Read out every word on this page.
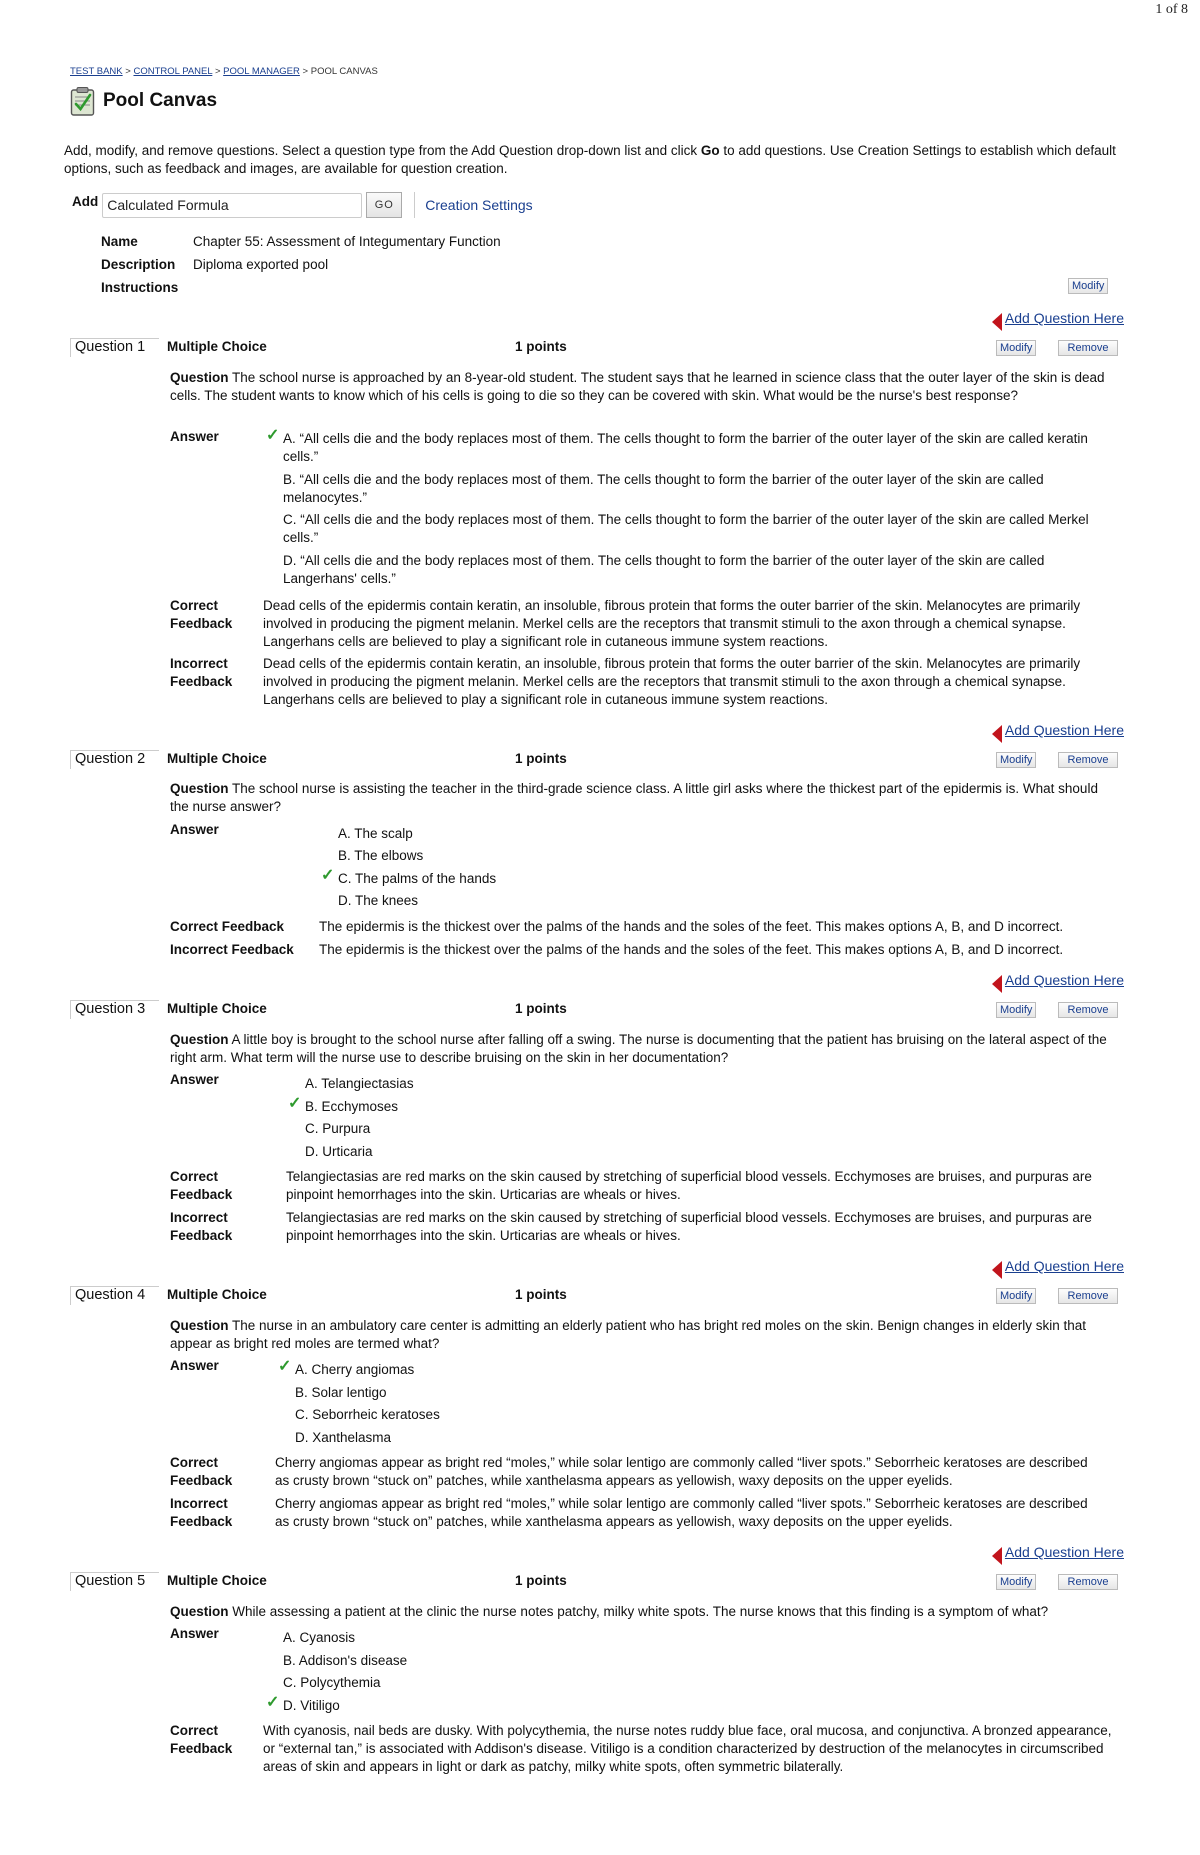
1 of 8
TEST BANK > CONTROL PANEL > POOL MANAGER > POOL CANVAS
Pool Canvas
Add, modify, and remove questions. Select a question type from the Add Question drop-down list and click Go to add questions. Use Creation Settings to establish which default options, such as feedback and images, are available for question creation.
Add Calculated Formula	GO	Creation Settings
Name	Chapter 55: Assessment of Integumentary Function
Description Diploma exported pool
Instructions	Modify
Add Question Here
Add Question Here
Add Question Here
Add Question Here
Add Question Here
Question 1	Multiple Choice	1 points	Modify	Remove
Question The school nurse is approached by an 8-year-old student. The student says that he learned in science class that the outer layer of the skin is dead cells. The student wants to know which of his cells is going to die so they can be covered with skin. What would be the nurse's best response?
Answer	✓ A. “All cells die and the body replaces most of them. The cells thought to form the barrier of the outer layer of the skin are called keratin cells.”
B. “All cells die and the body replaces most of them. The cells thought to form the barrier of the outer layer of the skin are called melanocytes.”
C. “All cells die and the body replaces most of them. The cells thought to form the barrier of the outer layer of the skin are called Merkel cells.”
D. “All cells die and the body replaces most of them. The cells thought to form the barrier of the outer layer of the skin are called Langerhans' cells.”
Correct
Feedback
Dead cells of the epidermis contain keratin, an insoluble, fibrous protein that forms the outer barrier of the skin. Melanocytes are primarily involved in producing the pigment melanin. Merkel cells are the receptors that transmit stimuli to the axon through a chemical synapse. Langerhans cells are believed to play a significant role in cutaneous immune system reactions.
Incorrect
Feedback
Dead cells of the epidermis contain keratin, an insoluble, fibrous protein that forms the outer barrier of the skin. Melanocytes are primarily involved in producing the pigment melanin. Merkel cells are the receptors that transmit stimuli to the axon through a chemical synapse. Langerhans cells are believed to play a significant role in cutaneous immune system reactions.
Question 2	Multiple Choice	1 points	Modify	Remove
Question The school nurse is assisting the teacher in the third-grade science class. A little girl asks where the thickest part of the epidermis is. What should the nurse answer?
Answer	A. The scalp
B. The elbows
✓ C. The palms of the hands
D. The knees
Correct Feedback	The epidermis is the thickest over the palms of the hands and the soles of the feet. This makes options A, B, and D incorrect.
Incorrect Feedback The epidermis is the thickest over the palms of the hands and the soles of the feet. This makes options A, B, and D incorrect.
Question 3	Multiple Choice	1 points	Modify	Remove
Question A little boy is brought to the school nurse after falling off a swing. The nurse is documenting that the patient has bruising on the lateral aspect of the right arm. What term will the nurse use to describe bruising on the skin in her documentation?
Answer	A. Telangiectasias
✓ B. Ecchymoses
C. Purpura
D. Urticaria
Correct
Feedback
Telangiectasias are red marks on the skin caused by stretching of superficial blood vessels. Ecchymoses are bruises, and purpuras are pinpoint hemorrhages into the skin. Urticarias are wheals or hives.
Incorrect
Feedback
Telangiectasias are red marks on the skin caused by stretching of superficial blood vessels. Ecchymoses are bruises, and purpuras are pinpoint hemorrhages into the skin. Urticarias are wheals or hives.
Question 4	Multiple Choice	1 points	Modify	Remove
Question The nurse in an ambulatory care center is admitting an elderly patient who has bright red moles on the skin. Benign changes in elderly skin that appear as bright red moles are termed what?
Answer	✓ A. Cherry angiomas
B. Solar lentigo
C. Seborrheic keratoses
D. Xanthelasma
Correct
Feedback
Cherry angiomas appear as bright red “moles,” while solar lentigo are commonly called “liver spots.” Seborrheic keratoses are described as crusty brown “stuck on” patches, while xanthelasma appears as yellowish, waxy deposits on the upper eyelids.
Incorrect
Feedback
Cherry angiomas appear as bright red “moles,” while solar lentigo are commonly called “liver spots.” Seborrheic keratoses are described as crusty brown “stuck on” patches, while xanthelasma appears as yellowish, waxy deposits on the upper eyelids.
Question 5	Multiple Choice	1 points	Modify	Remove
Question While assessing a patient at the clinic the nurse notes patchy, milky white spots. The nurse knows that this finding is a symptom of what?
Answer	A. Cyanosis
B. Addison's disease
C. Polycythemia
✓ D. Vitiligo
Correct
Feedback
With cyanosis, nail beds are dusky. With polycythemia, the nurse notes ruddy blue face, oral mucosa, and conjunctiva. A bronzed appearance, or “external tan,” is associated with Addison's disease. Vitiligo is a condition characterized by destruction of the melanocytes in circumscribed areas of skin and appears in light or dark as patchy, milky white spots, often symmetric bilaterally.
